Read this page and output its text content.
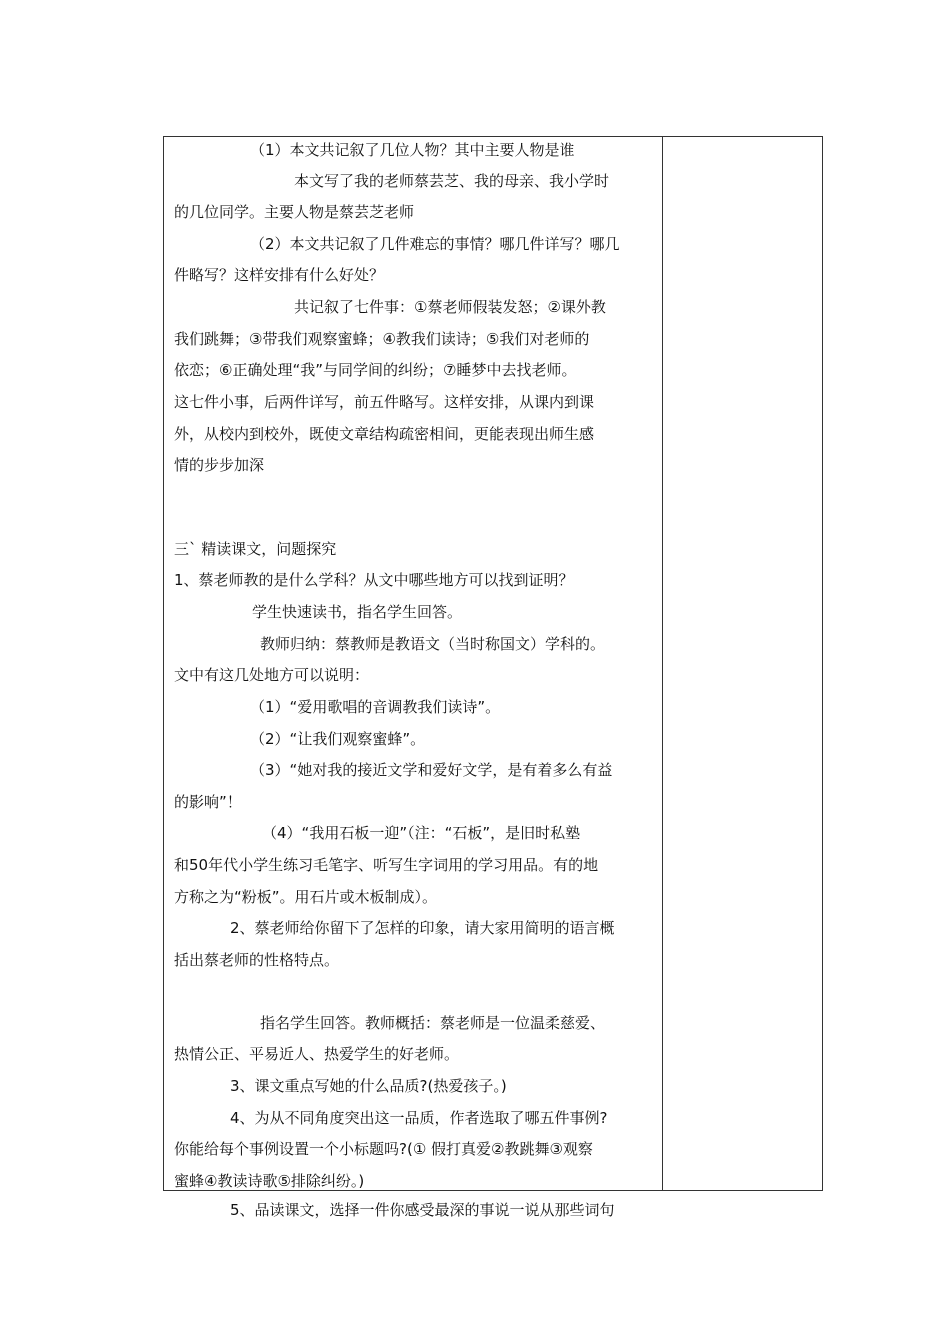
（1）本文共记叙了几位人物？其中主要人物是谁
本文写了我的老师蔡芸芝、我的母亲、我小学时
的几位同学。主要人物是蔡芸芝老师
（2）本文共记叙了几件难忘的事情？哪几件详写？哪几
件略写？这样安排有什么好处？
共记叙了七件事：①蔡老师假装发怒；②课外教
我们跳舞；③带我们观察蜜蜂；④教我们读诗；⑤我们对老师的
依恋；⑥正确处理“我”与同学间的纠纷；⑦睡梦中去找老师。
这七件小事，后两件详写，前五件略写。这样安排，从课内到课
外，从校内到校外，既使文章结构疏密相间，更能表现出师生感
情的步步加深
三` 精读课文，问题探究
1、蔡老师教的是什么学科？从文中哪些地方可以找到证明？
学生快速读书，指名学生回答。
教师归纳：蔡教师是教语文（当时称国文）学科的。
文中有这几处地方可以说明：
（1）“爱用歌唱的音调教我们读诗”。
（2）“让我们观察蜜蜂”。
（3）“她对我的接近文学和爱好文学，是有着多么有益
的影响”！
（4）“我用石板一迎”（注：“石板”，是旧时私塾
和50年代小学生练习毛笔字、听写生字词用的学习用品。有的地
方称之为“粉板”。用石片或木板制成）。
2、蔡老师给你留下了怎样的印象，请大家用简明的语言概
括出蔡老师的性格特点。
指名学生回答。教师概括：蔡老师是一位温柔慈爱、
热情公正、平易近人、热爱学生的好老师。
3、课文重点写她的什么品质?(热爱孩子。)
4、为从不同角度突出这一品质，作者选取了哪五件事例?
你能给每个事例设置一个小标题吗?(① 假打真爱②教跳舞③观察
蜜蜂④教读诗歌⑤排除纠纷。)
5、品读课文，选择一件你感受最深的事说一说从那些词句
